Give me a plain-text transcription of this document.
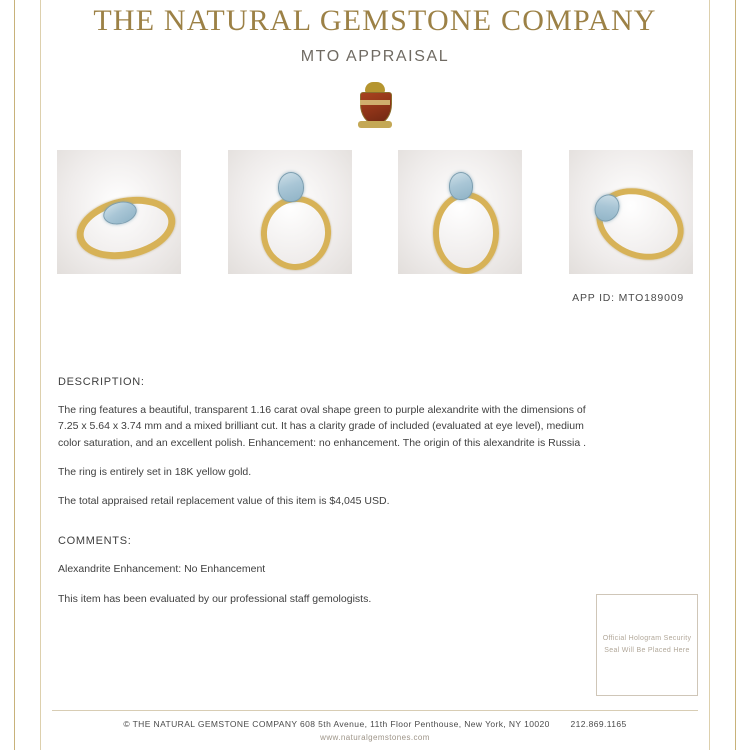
THE NATURAL GEMSTONE COMPANY
MTO APPRAISAL
APP ID: MTO189009
DESCRIPTION:

The ring features a beautiful, transparent 1.16 carat oval shape green to purple alexandrite with the dimensions of 7.25 x 5.64 x 3.74 mm and a mixed brilliant cut. It has a clarity grade of included (evaluated at eye level), medium color saturation, and an excellent polish. Enhancement: no enhancement. The origin of this alexandrite is Russia .

The ring is entirely set in 18K yellow gold.

The total appraised retail replacement value of this item is $4,045 USD.

COMMENTS:

Alexandrite Enhancement: No Enhancement

This item has been evaluated by our professional staff gemologists.

Official Hologram Security Seal Will Be Placed Here
© THE NATURAL GEMSTONE COMPANY 608 5th Avenue, 11th Floor Penthouse, New York, NY 10020 212.869.1165
www.naturalgemstones.com
